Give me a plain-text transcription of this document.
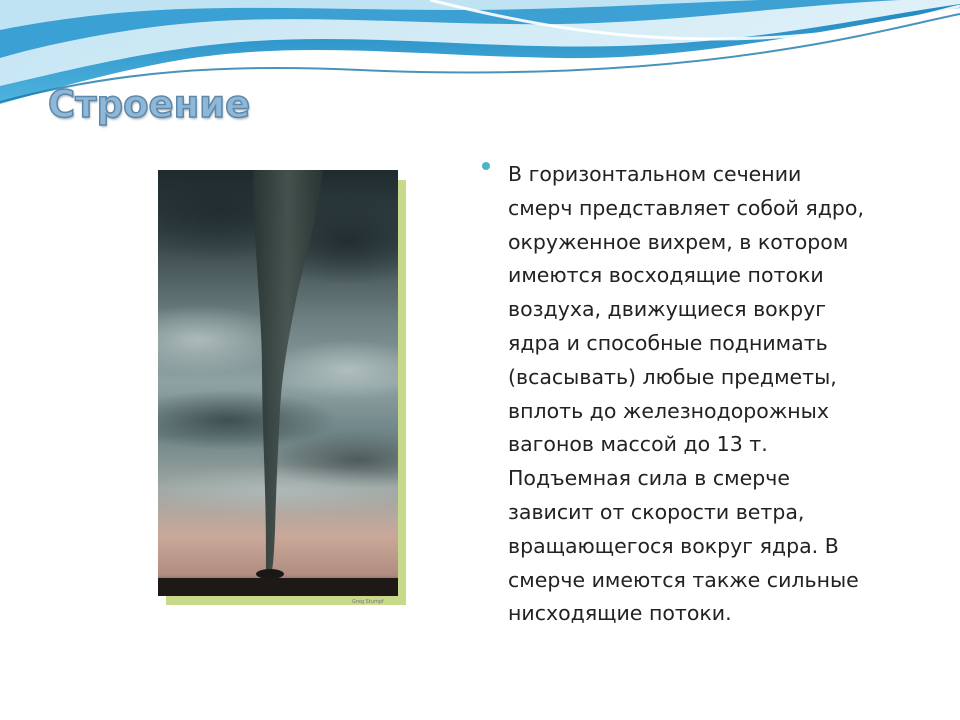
Строение
Greg Stumpf
В горизонтальном сечении
смерч представляет собой ядро,
окруженное вихрем, в котором
имеются восходящие потоки
воздуха, движущиеся вокруг
ядра и способные поднимать
(всасывать) любые предметы,
вплоть до железнодорожных
вагонов массой до 13 т.
Подъемная сила в смерче
зависит от скорости ветра,
вращающегося вокруг ядра. В
смерче имеются также сильные
нисходящие потоки.
